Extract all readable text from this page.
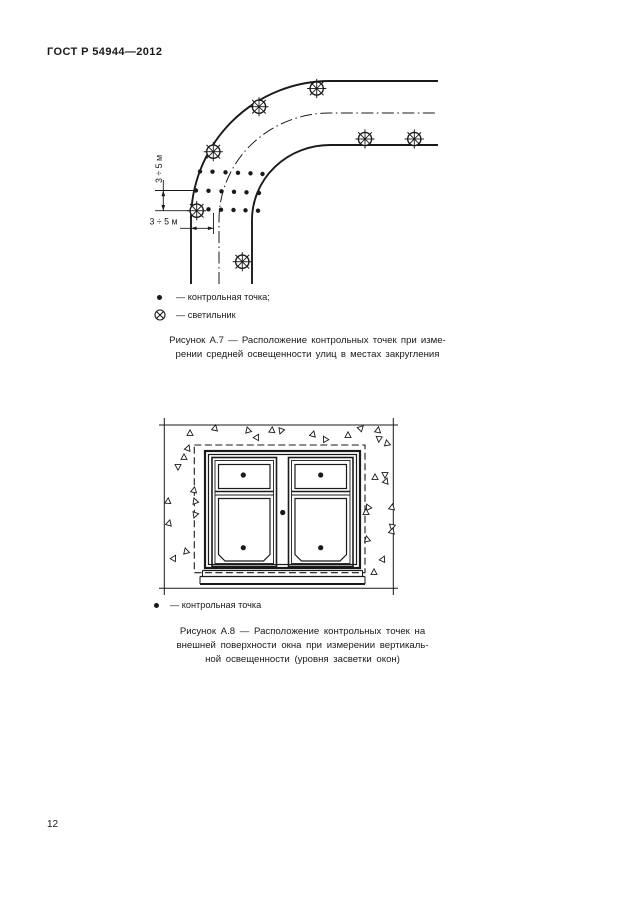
ГОСТ Р 54944—2012
3 ÷ 5 м
3 ÷ 5 м
— контрольная точка;
— светильник
Рисунок А.7 — Расположение контрольных точек при изме-
рении средней освещенности улиц в местах закругления
— контрольная точка
Рисунок А.8 — Расположение контрольных точек на
внешней поверхности окна при измерении вертикаль-
ной освещенности (уровня засветки окон)
12
